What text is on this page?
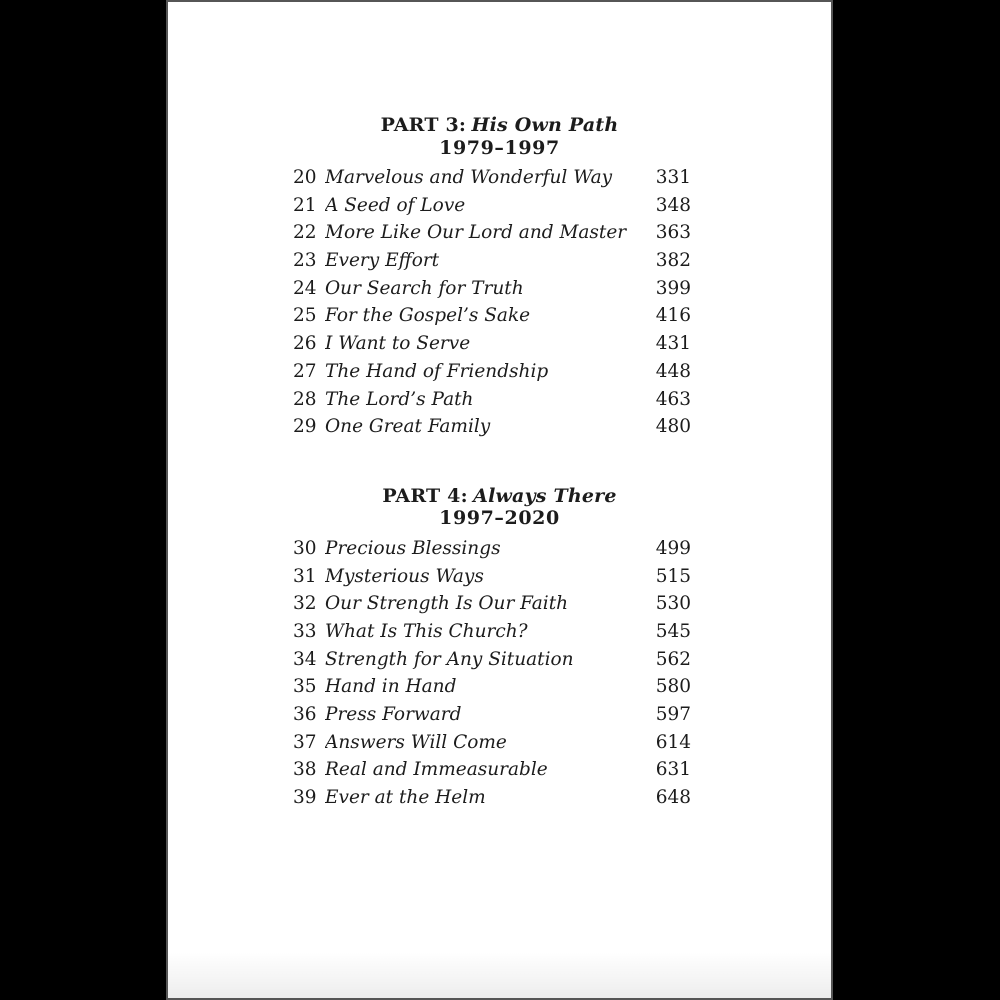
PART 3: His Own Path
1979–1997
20 Marvelous and Wonderful Way	331
21 A Seed of Love	348
22 More Like Our Lord and Master	363
23 Every Effort	382
24 Our Search for Truth	399
25 For the Gospel’s Sake	416
26 I Want to Serve	431
27 The Hand of Friendship	448
28 The Lord’s Path	463
29 One Great Family	480
PART 4: Always There
1997–2020
30 Precious Blessings	499
31 Mysterious Ways	515
32 Our Strength Is Our Faith	530
33 What Is This Church?	545
34 Strength for Any Situation	562
35 Hand in Hand	580
36 Press Forward	597
37 Answers Will Come	614
38 Real and Immeasurable	631
39 Ever at the Helm	648
